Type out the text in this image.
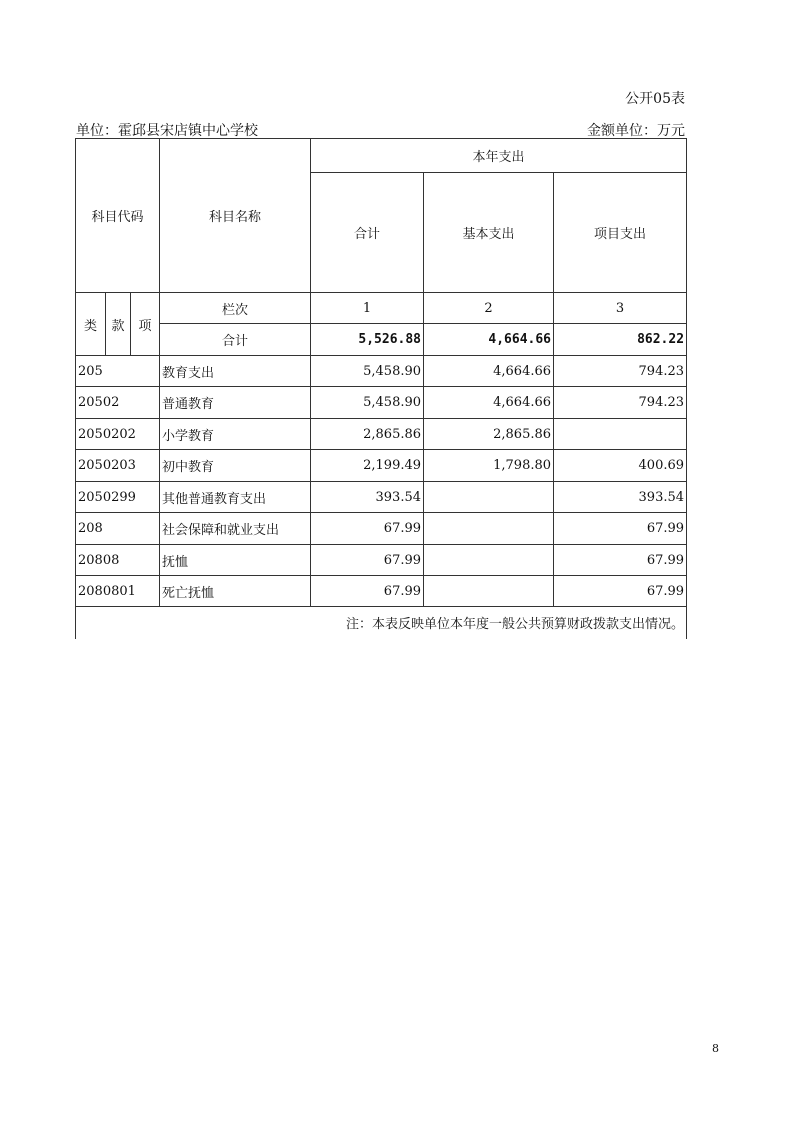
公开05表
单位：霍邱县宋店镇中心学校	金额单位：万元
科目代码			科目名称	本年支出		
				合计	基本支出	项目支出
类	款	项	栏次	1	2	3
			合计	5,526.88	4,664.66	862.22
205			教育支出	5,458.90	4,664.66	794.23
20502			普通教育	5,458.90	4,664.66	794.23
2050202			小学教育	2,865.86	2,865.86	
2050203			初中教育	2,199.49	1,798.80	400.69
2050299			其他普通教育支出	393.54		393.54
208			社会保障和就业支出	67.99		67.99
20808			抚恤	67.99		67.99
2080801			死亡抚恤	67.99		67.99
			注：本表反映单位本年度一般公共预算财政拨款支出情况。			
8
